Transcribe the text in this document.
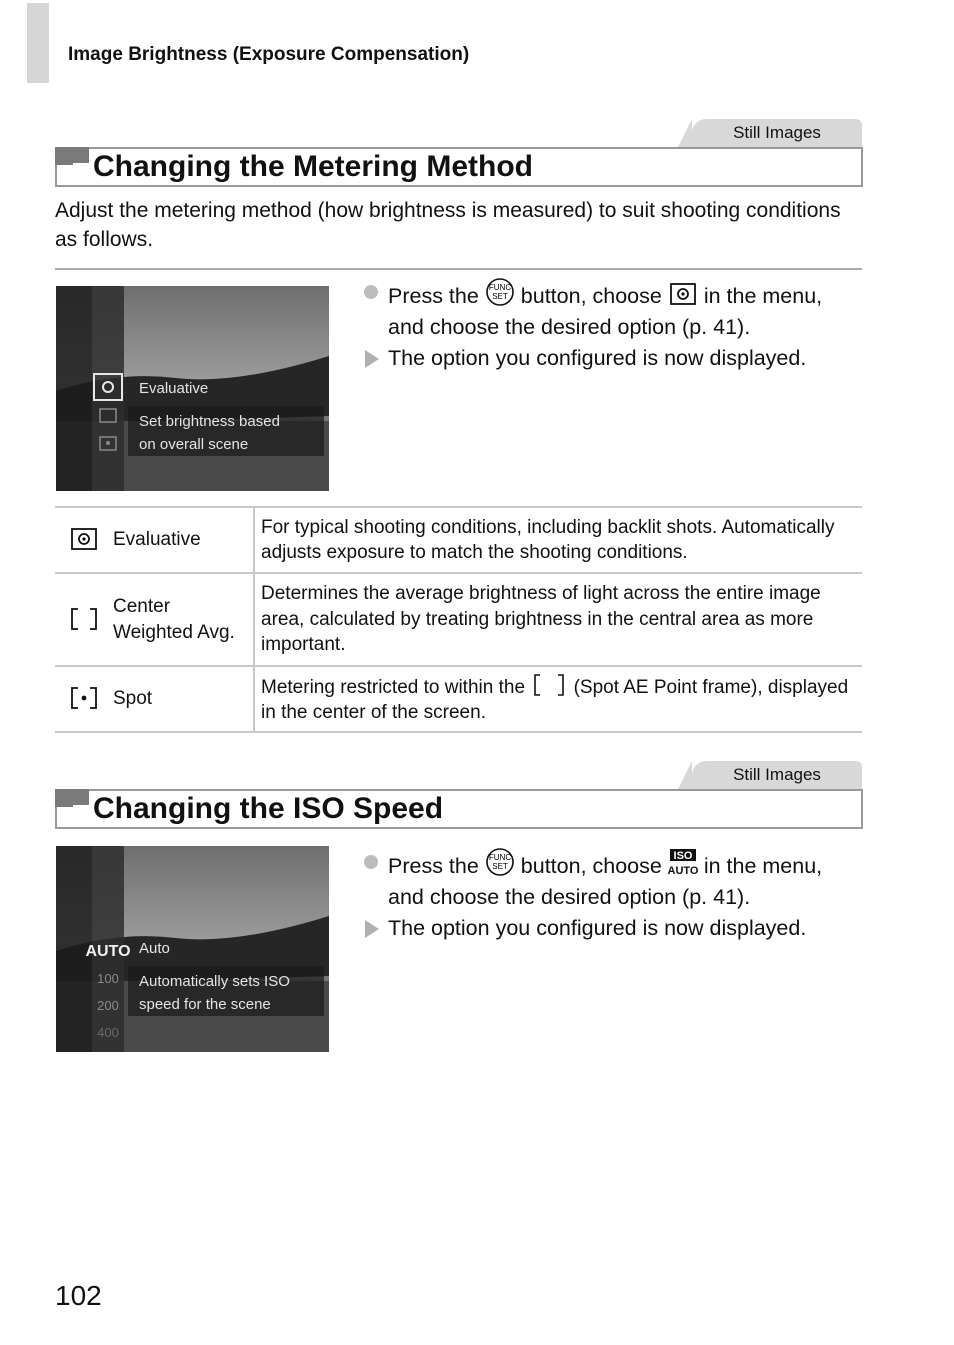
Image Brightness (Exposure Compensation)
Still Images
Changing the Metering Method
Adjust the metering method (how brightness is measured) to suit shooting conditions as follows.
Evaluative
Set brightness based
on overall scene
Press the FUNC
SET button, choose in the menu, and choose the desired option (p. 41).
The option you configured is now displayed.
	Evaluative	For typical shooting conditions, including backlit shots. Automatically adjusts exposure to match the shooting conditions.
	Center Weighted Avg.	Determines the average brightness of light across the entire image area, calculated by treating brightness in the central area as more important.
	Spot	Metering restricted to within the (Spot AE Point frame), displayed in the center of the screen.
Still Images
Changing the ISO Speed
AUTO
100
200
400
Auto
Automatically sets ISO
speed for the scene
Press the FUNC
SET button, choose ISO
AUTO in the menu, and choose the desired option (p. 41).
The option you configured is now displayed.
102
